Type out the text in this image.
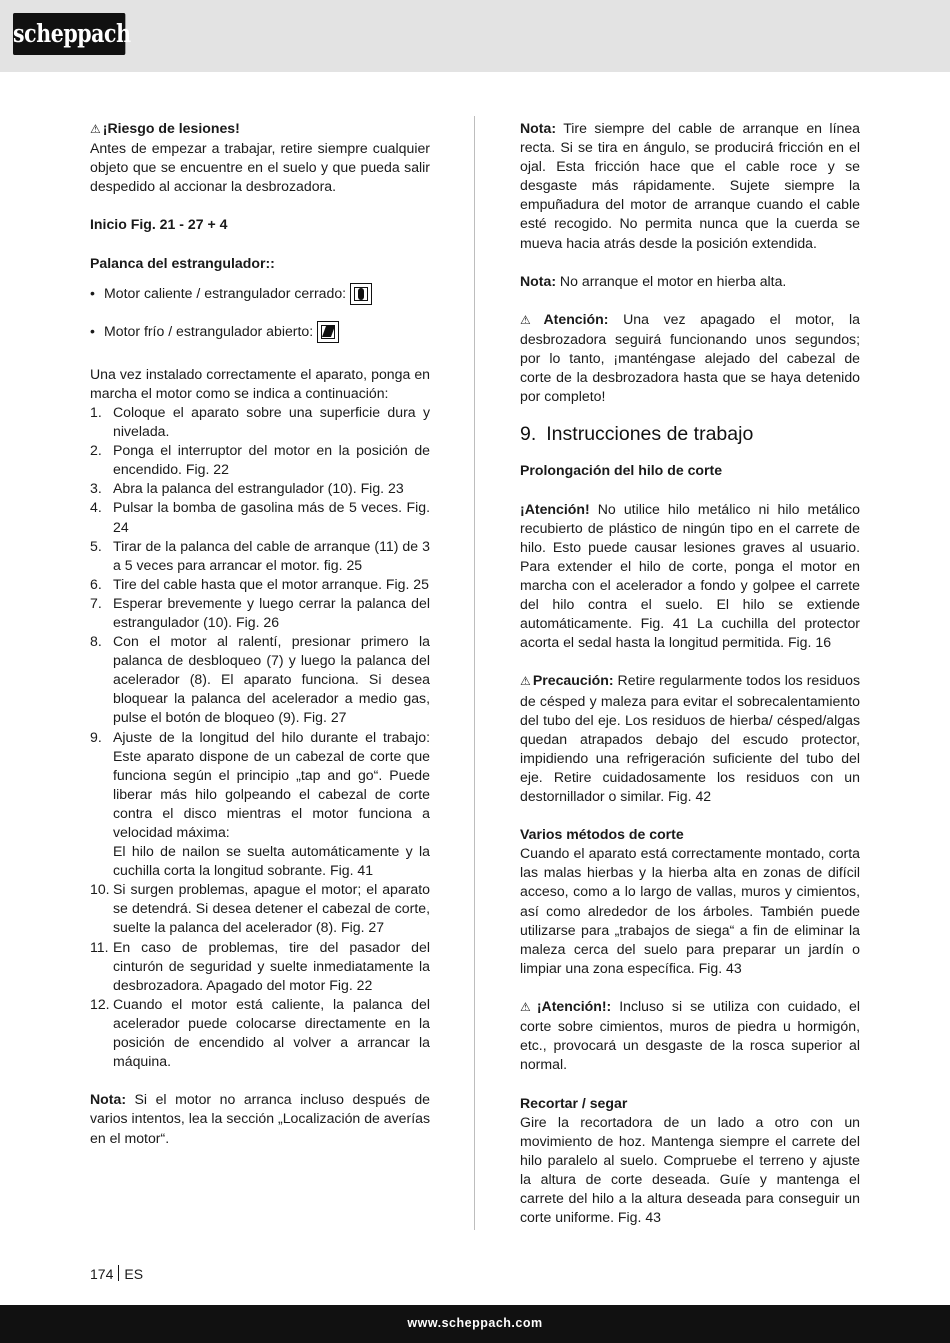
scheppach

⚠ ¡Riesgo de lesiones!

Antes de empezar a trabajar, retire siempre cualquier objeto que se encuentre en el suelo y que pueda salir despedido al accionar la desbrozadora.

Inicio Fig. 21 - 27 + 4

Palanca del estrangulador::

• Motor caliente / estrangulador cerrado:
• Motor frío / estrangulador abierto:

Una vez instalado correctamente el aparato, ponga en marcha el motor como se indica a continuación:

1. Coloque el aparato sobre una superficie dura y nivelada.
2. Ponga el interruptor del motor en la posición de encendido. Fig. 22
3. Abra la palanca del estrangulador (10). Fig. 23
4. Pulsar la bomba de gasolina más de 5 veces. Fig. 24
5. Tirar de la palanca del cable de arranque (11) de 3 a 5 veces para arrancar el motor. fig. 25
6. Tire del cable hasta que el motor arranque. Fig. 25
7. Esperar brevemente y luego cerrar la palanca del estrangulador (10). Fig. 26
8. Con el motor al ralentí, presionar primero la palanca de desbloqueo (7) y luego la palanca del acelerador (8). El aparato funciona. Si desea bloquear la palanca del acelerador a medio gas, pulse el botón de bloqueo (9). Fig. 27
9. Ajuste de la longitud del hilo durante el trabajo: Este aparato dispone de un cabezal de corte que funciona según el principio „tap and go“. Puede liberar más hilo golpeando el cabezal de corte contra el disco mientras el motor funciona a velocidad máxima:
El hilo de nailon se suelta automáticamente y la cuchilla corta la longitud sobrante. Fig. 41
10. Si surgen problemas, apague el motor; el aparato se detendrá. Si desea detener el cabezal de corte, suelte la palanca del acelerador (8). Fig. 27
11. En caso de problemas, tire del pasador del cinturón de seguridad y suelte inmediatamente la desbrozadora. Apagado del motor Fig. 22
12. Cuando el motor está caliente, la palanca del acelerador puede colocarse directamente en la posición de encendido al volver a arrancar la máquina.

Nota: Si el motor no arranca incluso después de varios intentos, lea la sección „Localización de averías en el motor“.

Nota: Tire siempre del cable de arranque en línea recta. Si se tira en ángulo, se producirá fricción en el ojal. Esta fricción hace que el cable roce y se desgaste más rápidamente. Sujete siempre la empuñadura del motor de arranque cuando el cable esté recogido. No permita nunca que la cuerda se mueva hacia atrás desde la posición extendida.

Nota: No arranque el motor en hierba alta.

⚠ Atención: Una vez apagado el motor, la desbrozadora seguirá funcionando unos segundos; por lo tanto, ¡manténgase alejado del cabezal de corte de la desbrozadora hasta que se haya detenido por completo!

9. Instrucciones de trabajo

Prolongación del hilo de corte

¡Atención! No utilice hilo metálico ni hilo metálico recubierto de plástico de ningún tipo en el carrete de hilo. Esto puede causar lesiones graves al usuario. Para extender el hilo de corte, ponga el motor en marcha con el acelerador a fondo y golpee el carrete del hilo contra el suelo. El hilo se extiende automáticamente. Fig. 41 La cuchilla del protector acorta el sedal hasta la longitud permitida. Fig. 16

⚠ Precaución: Retire regularmente todos los residuos de césped y maleza para evitar el sobrecalentamiento del tubo del eje. Los residuos de hierba/ césped/algas quedan atrapados debajo del escudo protector, impidiendo una refrigeración suficiente del tubo del eje. Retire cuidadosamente los residuos con un destornillador o similar. Fig. 42

Varios métodos de corte

Cuando el aparato está correctamente montado, corta las malas hierbas y la hierba alta en zonas de difícil acceso, como a lo largo de vallas, muros y cimientos, así como alrededor de los árboles. También puede utilizarse para „trabajos de siega“ a fin de eliminar la maleza cerca del suelo para preparar un jardín o limpiar una zona específica. Fig. 43

⚠ ¡Atención!: Incluso si se utiliza con cuidado, el corte sobre cimientos, muros de piedra u hormigón, etc., provocará un desgaste de la rosca superior al normal.

Recortar / segar

Gire la recortadora de un lado a otro con un movimiento de hoz. Mantenga siempre el carrete del hilo paralelo al suelo. Compruebe el terreno y ajuste la altura de corte deseada. Guíe y mantenga el carrete del hilo a la altura deseada para conseguir un corte uniforme. Fig. 43

174 ES
www.scheppach.com
